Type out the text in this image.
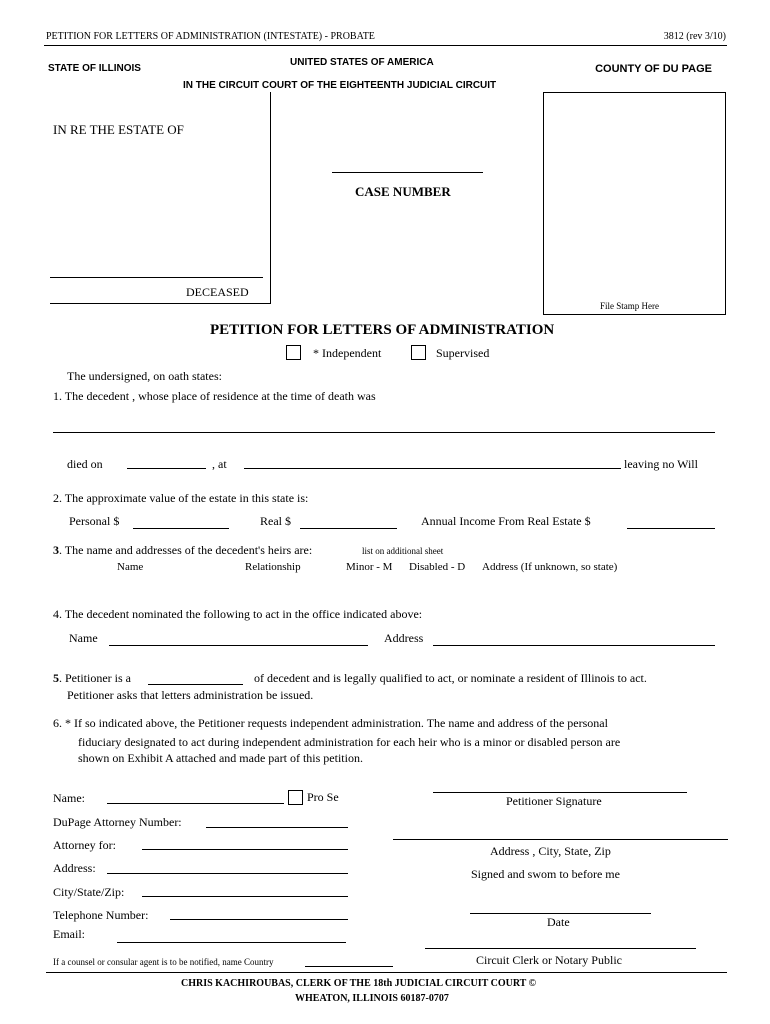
PETITION FOR LETTERS OF ADMINISTRATION (INTESTATE) - PROBATE	3812 (rev 3/10)
STATE OF ILLINOIS
UNITED STATES OF AMERICA
COUNTY OF DU PAGE
IN THE CIRCUIT COURT OF THE EIGHTEENTH JUDICIAL CIRCUIT
IN RE THE ESTATE OF
DECEASED
CASE NUMBER
File Stamp Here
PETITION FOR LETTERS OF ADMINISTRATION
* Independent	Supervised
The undersigned, on oath states:
1. The decedent , whose place of residence at the time of death was
died on	, at	leaving no Will
2. The approximate value of the estate in this state is:
Personal $	Real $	Annual Income From Real Estate $
3. The name and addresses of the decedent's heirs are:	list on additional sheet
Name	Relationship	Minor - M Disabled - D Address (If unknown, so state)
4. The decedent nominated the following to act in the office indicated above:
Name	Address
5. Petitioner is a	of decedent and is legally qualified to act, or nominate a resident of Illinois to act.
Petitioner asks that letters administration be issued.
6. * If so indicated above, the Petitioner requests independent administration. The name and address of the personal
fiduciary designated to act during independent administration for each heir who is a minor or disabled person are
shown on Exhibit A attached and made part of this petition.
Name:	Pro Se
DuPage Attorney Number:
Attorney for:
Address:
City/State/Zip:
Telephone Number:
Email:
If a counsel or consular agent is to be notified, name Country
Petitioner Signature
Address , City, State, Zip
Signed and swom to before me
Date
Circuit Clerk or Notary Public
CHRIS KACHIROUBAS, CLERK OF THE 18th JUDICIAL CIRCUIT COURT ©
WHEATON, ILLINOIS 60187-0707
